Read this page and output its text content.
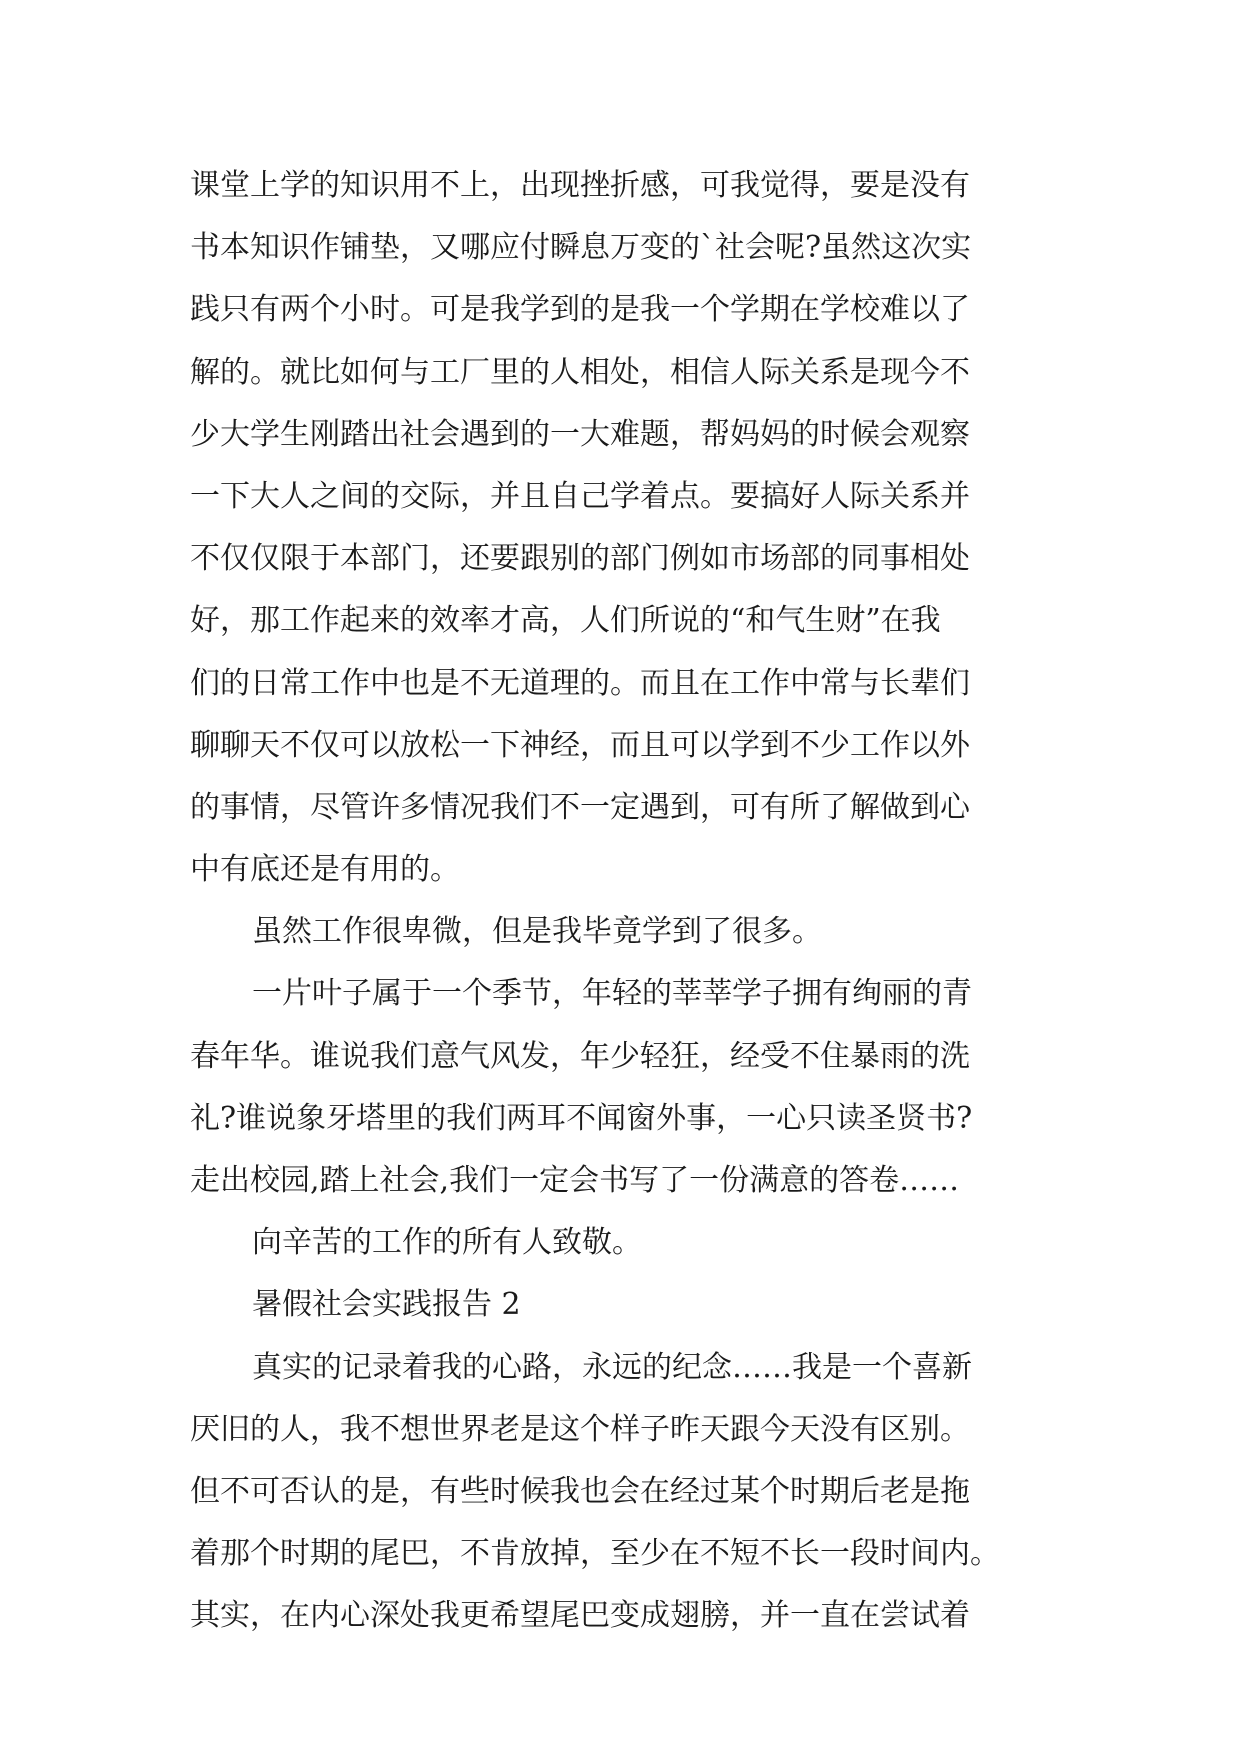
课堂上学的知识用不上，出现挫折感，可我觉得，要是没有
书本知识作铺垫，又哪应付瞬息万变的`社会呢?虽然这次实
践只有两个小时。可是我学到的是我一个学期在学校难以了
解的。就比如何与工厂里的人相处，相信人际关系是现今不
少大学生刚踏出社会遇到的一大难题，帮妈妈的时候会观察
一下大人之间的交际，并且自己学着点。要搞好人际关系并
不仅仅限于本部门，还要跟别的部门例如市场部的同事相处
好，那工作起来的效率才高，人们所说的“和气生财”在我
们的日常工作中也是不无道理的。而且在工作中常与长辈们
聊聊天不仅可以放松一下神经，而且可以学到不少工作以外
的事情，尽管许多情况我们不一定遇到，可有所了解做到心
中有底还是有用的。
虽然工作很卑微，但是我毕竟学到了很多。
一片叶子属于一个季节，年轻的莘莘学子拥有绚丽的青
春年华。谁说我们意气风发，年少轻狂，经受不住暴雨的洗
礼?谁说象牙塔里的我们两耳不闻窗外事，一心只读圣贤书?
走出校园,踏上社会,我们一定会书写了一份满意的答卷……
向辛苦的工作的所有人致敬。
暑假社会实践报告 2
真实的记录着我的心路，永远的纪念……我是一个喜新
厌旧的人，我不想世界老是这个样子昨天跟今天没有区别。
但不可否认的是，有些时候我也会在经过某个时期后老是拖
着那个时期的尾巴，不肯放掉，至少在不短不长一段时间内。
其实，在内心深处我更希望尾巴变成翅膀，并一直在尝试着
